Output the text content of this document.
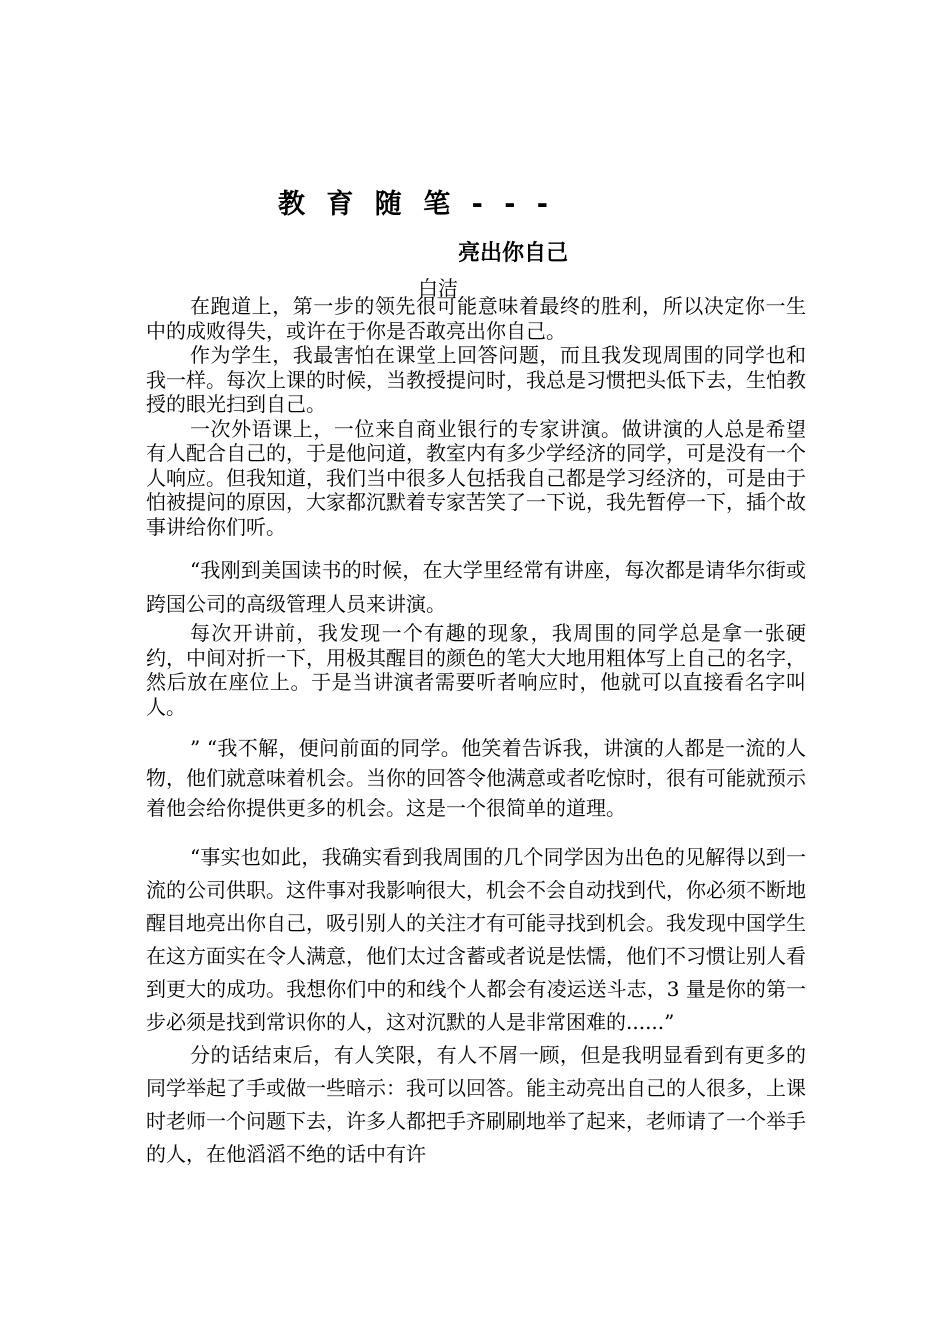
教 育 随 笔 - - -
亮出你自己

白洁

在跑道上，第一步的领先很可能意味着最终的胜利，所以决定你一生中的成败得失，或许在于你是否敢亮出你自己。

作为学生，我最害怕在课堂上回答问题，而且我发现周围的同学也和我一样。每次上课的时候，当教授提问时，我总是习惯把头低下去，生怕教授的眼光扫到自己。

一次外语课上，一位来自商业银行的专家讲演。做讲演的人总是希望有人配合自己的，于是他问道，教室内有多少学经济的同学，可是没有一个人响应。但我知道，我们当中很多人包括我自己都是学习经济的，可是由于怕被提问的原因，大家都沉默着专家苦笑了一下说，我先暂停一下，插个故事讲给你们听。

“我刚到美国读书的时候，在大学里经常有讲座，每次都是请华尔街或跨国公司的高级管理人员来讲演。

每次开讲前，我发现一个有趣的现象，我周围的同学总是拿一张硬约，中间对折一下，用极其醒目的颜色的笔大大地用粗体写上自己的名字，然后放在座位上。于是当讲演者需要听者响应时，他就可以直接看名字叫人。

” “我不解，便问前面的同学。他笑着告诉我，讲演的人都是一流的人物，他们就意味着机会。当你的回答令他满意或者吃惊时，很有可能就预示着他会给你提供更多的机会。这是一个很简单的道理。

“事实也如此，我确实看到我周围的几个同学因为出色的见解得以到一流的公司供职。这件事对我影响很大，机会不会自动找到代，你必须不断地醒目地亮出你自己，吸引别人的关注才有可能寻找到机会。我发现中国学生在这方面实在令人满意，他们太过含蓄或者说是怯懦，他们不习惯让别人看到更大的成功。我想你们中的和线个人都会有凌运送斗志，3 量是你的第一步必须是找到常识你的人，这对沉默的人是非常困难的......”

分的话结束后，有人笑限，有人不屑一顾，但是我明显看到有更多的同学举起了手或做一些暗示：我可以回答。能主动亮出自己的人很多，上课时老师一个问题下去，许多人都把手齐刷刷地举了起来，老师请了一个举手的人，在他滔滔不绝的话中有许
